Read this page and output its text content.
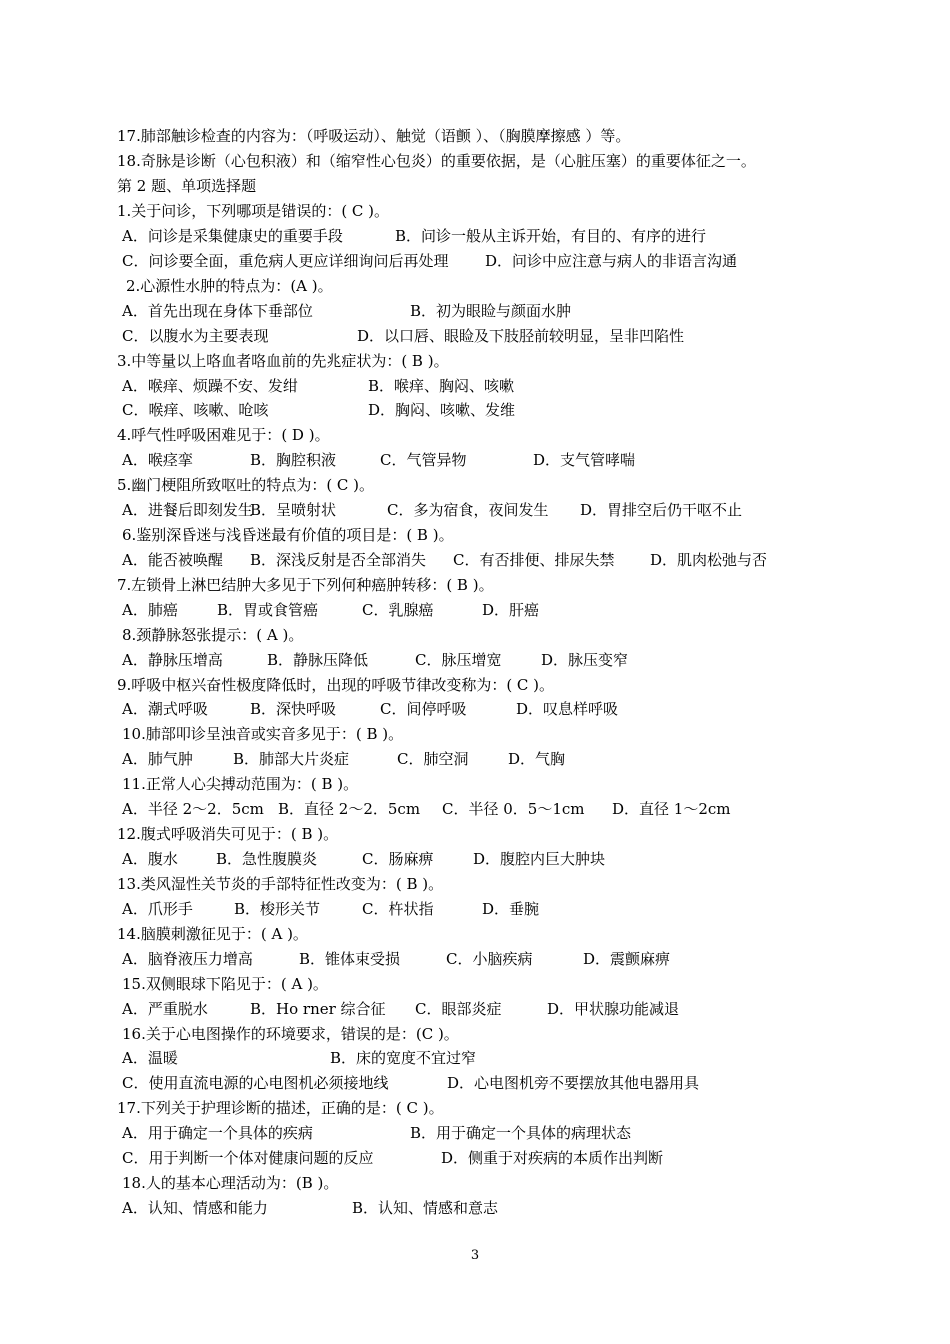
17.肺部触诊检查的内容为：（呼吸运动）、触觉（语颤 ）、（胸膜摩擦感 ）等。
18.奇脉是诊断（心包积液）和（缩窄性心包炎）的重要依据，是（心脏压塞）的重要体征之一。
第 2 题、单项选择题
1.关于问诊，下列哪项是错误的：( C )。
A．问诊是采集健康史的重要手段	B．问诊一般从主诉开始，有目的、有序的进行
C．问诊要全面，重危病人更应详细询问后再处理 D．问诊中应注意与病人的非语言沟通
2.心源性水肿的特点为：(A )。
A．首先出现在身体下垂部位	B．初为眼睑与颜面水肿
C．以腹水为主要表现	D．以口唇、眼睑及下肢胫前较明显，呈非凹陷性
3.中等量以上咯血者咯血前的先兆症状为：( B )。
A．喉痒、烦躁不安、发绀	B．喉痒、胸闷、咳嗽
C．喉痒、咳嗽、呛咳	D．胸闷、咳嗽、发维
4.呼气性呼吸困难见于：( D )。
A．喉痉挛	B．胸腔积液	C．气管异物	D．支气管哮喘
5.幽门梗阻所致呕吐的特点为：( C )。
A．进餐后即刻发生
B．呈喷射状	C．多为宿食，夜间发生 D．胃排空后仍干呕不止
6.鉴别深昏迷与浅昏迷最有价值的项目是：( B )。
A．能否被唤醒 B．深浅反射是否全部消失 C．有否排便、排尿失禁 D．肌肉松弛与否
7.左锁骨上淋巴结肿大多见于下列何种癌肿转移：( B )。
A．肺癌	B．胃或食管癌	C．乳腺癌	D．肝癌
8.颈静脉怒张提示：( A )。
A．静脉压增高	B．静脉压降低	C．脉压增宽	D．脉压变窄
9.呼吸中枢兴奋性极度降低时，出现的呼吸节律改变称为：( C )。
A．潮式呼吸	B．深快呼吸	C．间停呼吸	D．叹息样呼吸
10.肺部叩诊呈浊音或实音多见于：( B )。
A．肺气肿	B．肺部大片炎症	C．肺空洞	D．气胸
11.正常人心尖搏动范围为：( B )。
A．半径 2～2．5cm B．直径 2～2．5cm C．半径 0．5～1cm D．直径 1～2cm
12.腹式呼吸消失可见于：( B )。
A．腹水	B．急性腹膜炎	C．肠麻痹	D．腹腔内巨大肿块
13.类风湿性关节炎的手部特征性改变为：( B )。
A．爪形手	B．梭形关节	C．杵状指	D．垂腕
14.脑膜刺激征见于：( A )。
A．脑脊液压力增高	B．锥体束受损	C．小脑疾病	D．震颤麻痹
15.双侧眼球下陷见于：( A )。
A．严重脱水	B．Ho rner 综合征 C．眼部炎症	D．甲状腺功能减退
16.关于心电图操作的环境要求，错误的是：(C )。
A．温暖	B．床的宽度不宜过窄
C．使用直流电源的心电图机必须接地线	D．心电图机旁不要摆放其他电器用具
17.下列关于护理诊断的描述，正确的是：( C )。
A．用于确定一个具体的疾病	B．用于确定一个具体的病理状态
C．用于判断一个体对健康问题的反应	D．侧重于对疾病的本质作出判断
18.人的基本心理活动为：(B )。
A．认知、情感和能力	B．认知、情感和意志
3
